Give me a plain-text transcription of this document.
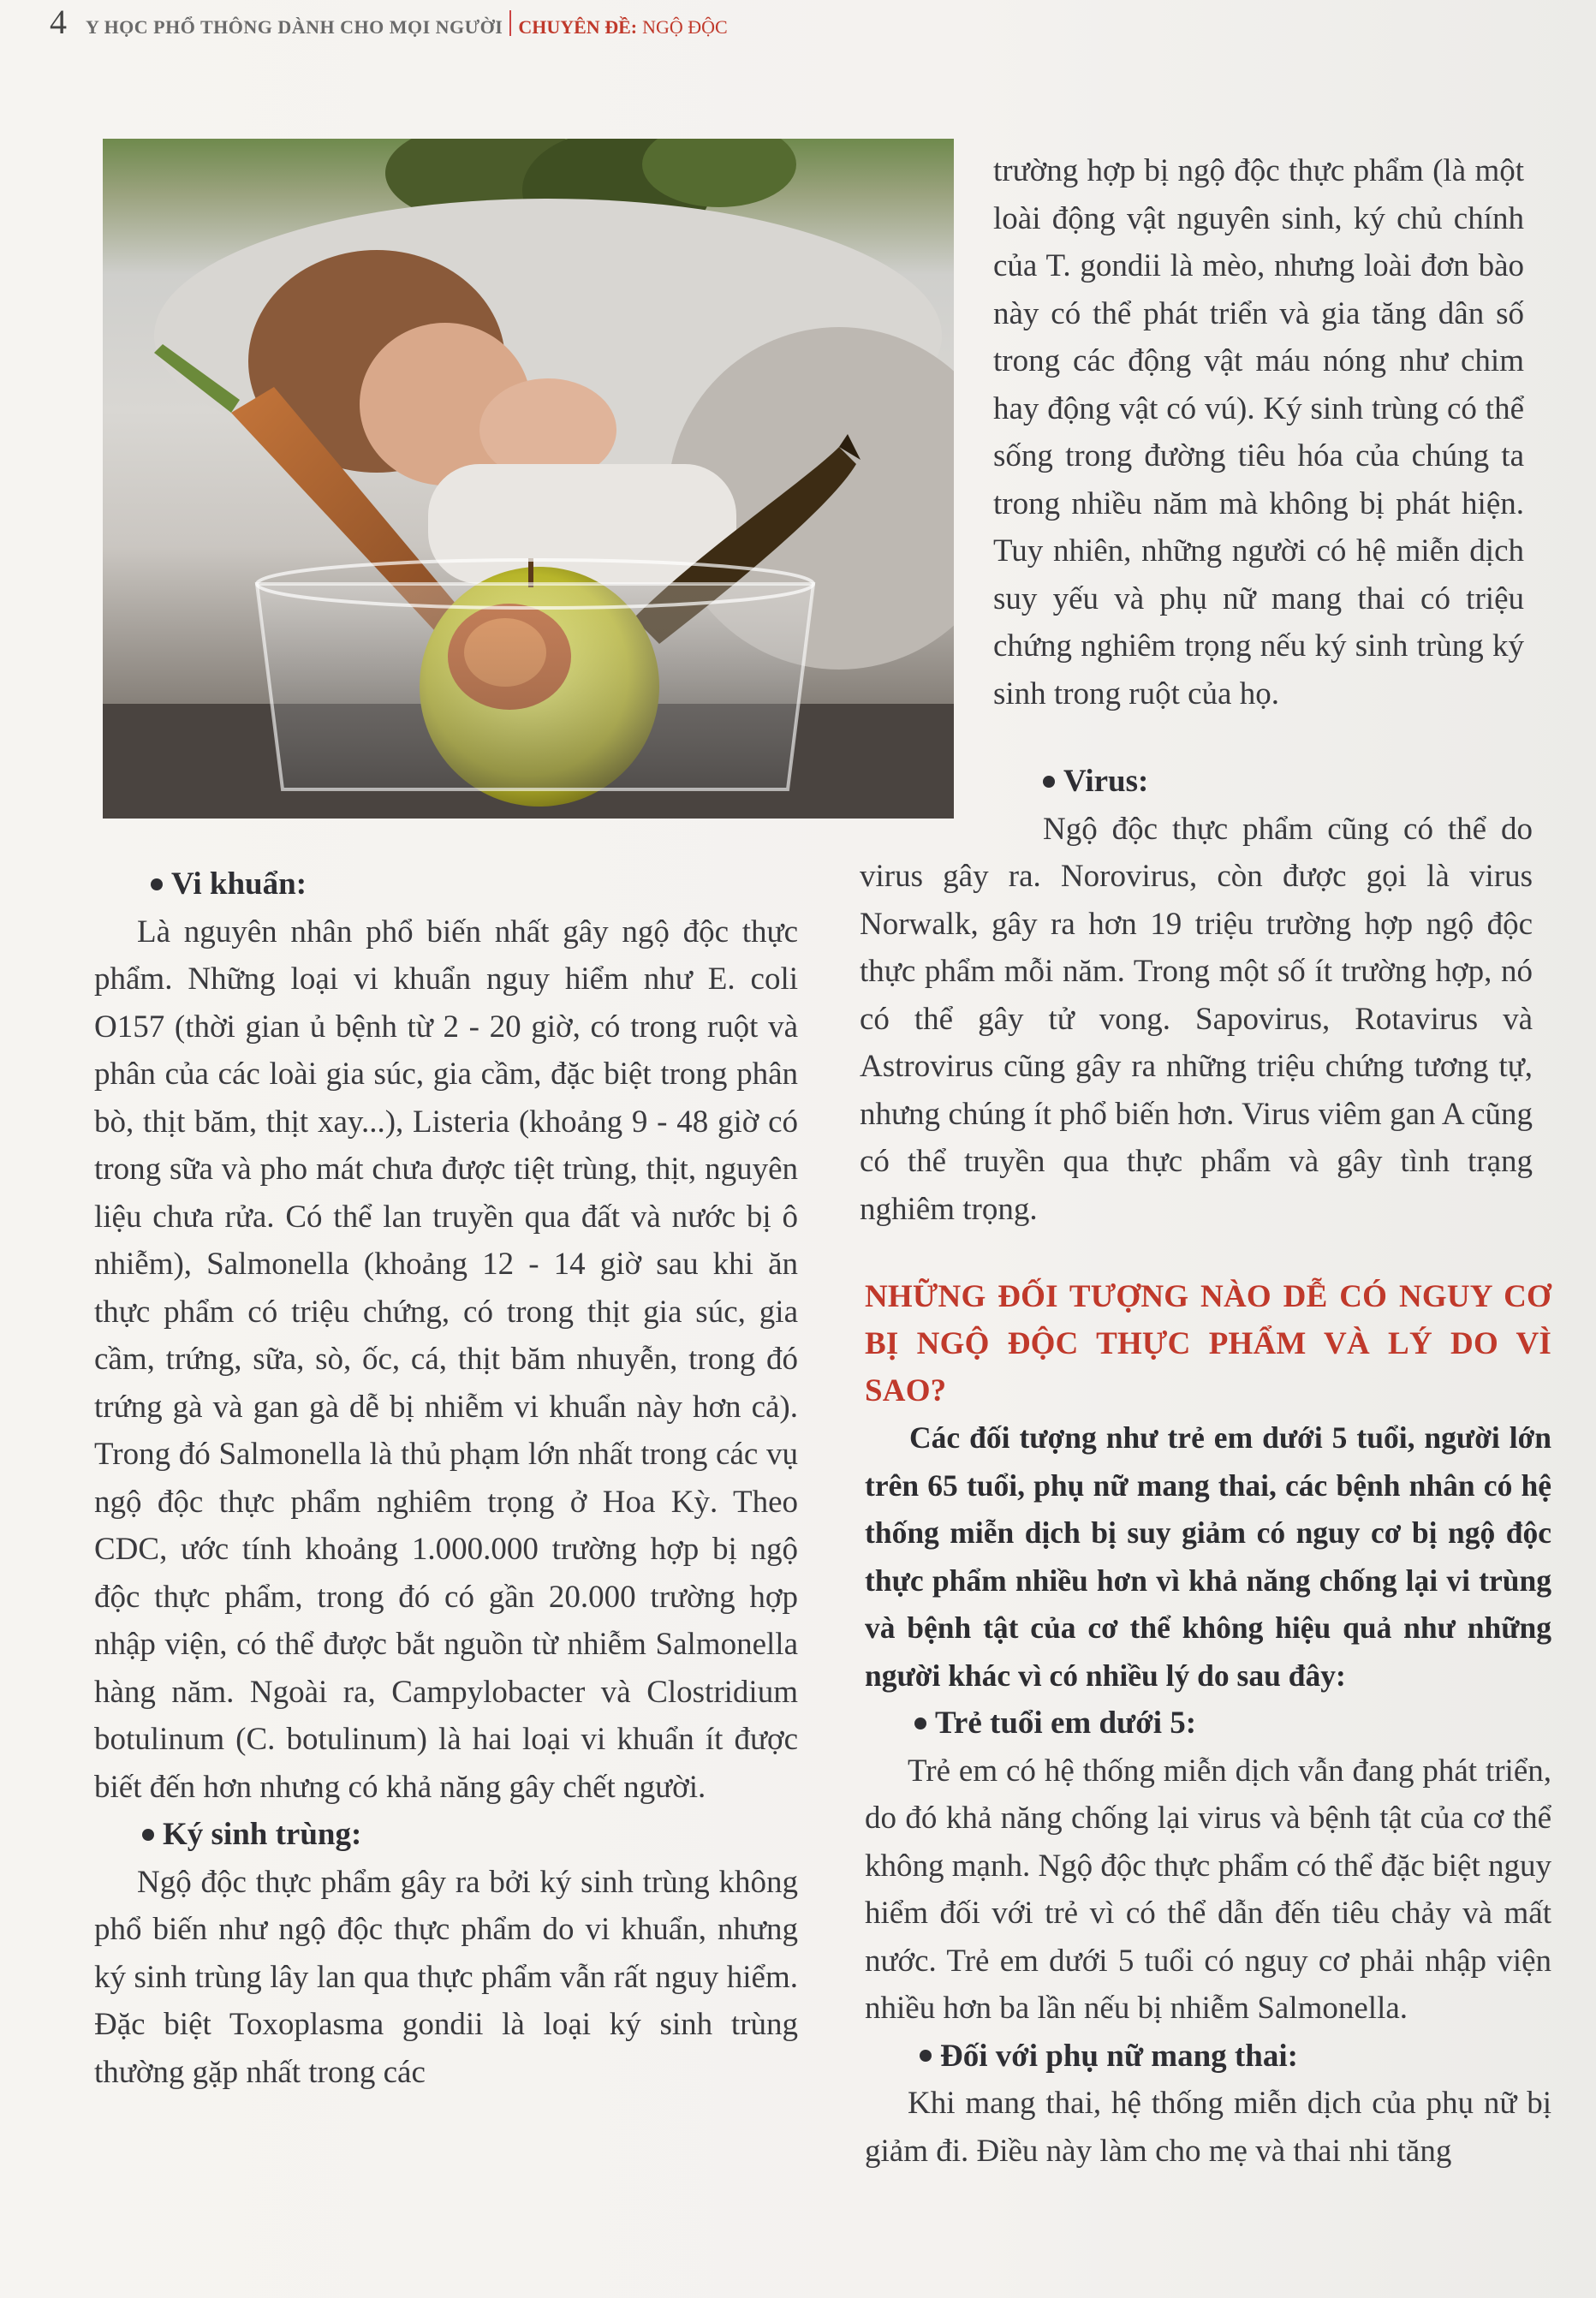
4 Y HỌC PHỔ THÔNG DÀNH CHO MỌI NGƯỜI CHUYÊN ĐỀ: NGỘ ĐỘC

trường hợp bị ngộ độc thực phẩm (là một loài động vật nguyên sinh, ký chủ chính của T. gondii là mèo, nhưng loài đơn bào này có thể phát triển và gia tăng dân số trong các động vật máu nóng như chim hay động vật có vú). Ký sinh trùng có thể sống trong đường tiêu hóa của chúng ta trong nhiều năm mà không bị phát hiện. Tuy nhiên, những người có hệ miễn dịch suy yếu và phụ nữ mang thai có triệu chứng nghiêm trọng nếu ký sinh trùng ký sinh trong ruột của họ.

Virus:

Ngộ độc thực phẩm cũng có thể do virus gây ra. Norovirus, còn được gọi là virus Norwalk, gây ra hơn 19 triệu trường hợp ngộ độc thực phẩm mỗi năm. Trong một số ít trường hợp, nó có thể gây tử vong. Sapovirus, Rotavirus và Astrovirus cũng gây ra những triệu chứng tương tự, nhưng chúng ít phổ biến hơn. Virus viêm gan A cũng có thể truyền qua thực phẩm và gây tình trạng nghiêm trọng.

Vi khuẩn:

Là nguyên nhân phổ biến nhất gây ngộ độc thực phẩm. Những loại vi khuẩn nguy hiểm như E. coli O157 (thời gian ủ bệnh từ 2 - 20 giờ, có trong ruột và phân của các loài gia súc, gia cầm, đặc biệt trong phân bò, thịt băm, thịt xay...), Listeria (khoảng 9 - 48 giờ có trong sữa và pho mát chưa được tiệt trùng, thịt, nguyên liệu chưa rửa. Có thể lan truyền qua đất và nước bị ô nhiễm), Salmonella (khoảng 12 - 14 giờ sau khi ăn thực phẩm có triệu chứng, có trong thịt gia súc, gia cầm, trứng, sữa, sò, ốc, cá, thịt băm nhuyễn, trong đó trứng gà và gan gà dễ bị nhiễm vi khuẩn này hơn cả). Trong đó Salmonella là thủ phạm lớn nhất trong các vụ ngộ độc thực phẩm nghiêm trọng ở Hoa Kỳ. Theo CDC, ước tính khoảng 1.000.000 trường hợp bị ngộ độc thực phẩm, trong đó có gần 20.000 trường hợp nhập viện, có thể được bắt nguồn từ nhiễm Salmonella hàng năm. Ngoài ra, Campylobacter và Clostridium botulinum (C. botulinum) là hai loại vi khuẩn ít được biết đến hơn nhưng có khả năng gây chết người.

Ký sinh trùng:

Ngộ độc thực phẩm gây ra bởi ký sinh trùng không phổ biến như ngộ độc thực phẩm do vi khuẩn, nhưng ký sinh trùng lây lan qua thực phẩm vẫn rất nguy hiểm. Đặc biệt Toxoplasma gondii là loại ký sinh trùng thường gặp nhất trong các

NHỮNG ĐỐI TƯỢNG NÀO DỄ CÓ NGUY CƠ BỊ NGỘ ĐỘC THỰC PHẨM VÀ LÝ DO VÌ SAO?

Các đối tượng như trẻ em dưới 5 tuổi, người lớn trên 65 tuổi, phụ nữ mang thai, các bệnh nhân có hệ thống miễn dịch bị suy giảm có nguy cơ bị ngộ độc thực phẩm nhiều hơn vì khả năng chống lại vi trùng và bệnh tật của cơ thể không hiệu quả như những người khác vì có nhiều lý do sau đây:

Trẻ tuổi em dưới 5:

Trẻ em có hệ thống miễn dịch vẫn đang phát triển, do đó khả năng chống lại virus và bệnh tật của cơ thể không mạnh. Ngộ độc thực phẩm có thể đặc biệt nguy hiểm đối với trẻ vì có thể dẫn đến tiêu chảy và mất nước. Trẻ em dưới 5 tuổi có nguy cơ phải nhập viện nhiều hơn ba lần nếu bị nhiễm Salmonella.

Đối với phụ nữ mang thai:

Khi mang thai, hệ thống miễn dịch của phụ nữ bị giảm đi. Điều này làm cho mẹ và thai nhi tăng
